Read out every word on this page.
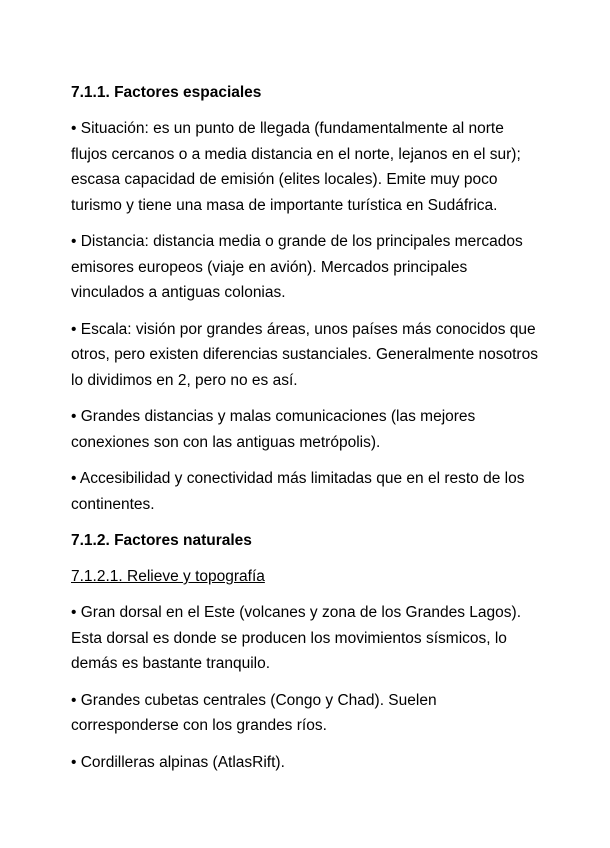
7.1.1. Factores espaciales
• Situación: es un punto de llegada (fundamentalmente al norte flujos cercanos o a media distancia en el norte, lejanos en el sur); escasa capacidad de emisión (elites locales). Emite muy poco turismo y tiene una masa de importante turística en Sudáfrica.
• Distancia: distancia media o grande de los principales mercados emisores europeos (viaje en avión). Mercados principales vinculados a antiguas colonias.
• Escala: visión por grandes áreas, unos países más conocidos que otros, pero existen diferencias sustanciales. Generalmente nosotros lo dividimos en 2, pero no es así.
• Grandes distancias y malas comunicaciones (las mejores conexiones son con las antiguas metrópolis).
• Accesibilidad y conectividad más limitadas que en el resto de los continentes.
7.1.2. Factores naturales
7.1.2.1. Relieve y topografía
• Gran dorsal en el Este (volcanes y zona de los Grandes Lagos). Esta dorsal es donde se producen los movimientos sísmicos, lo demás es bastante tranquilo.
• Grandes cubetas centrales (Congo y Chad). Suelen corresponderse con los grandes ríos.
• Cordilleras alpinas (AtlasRift).
